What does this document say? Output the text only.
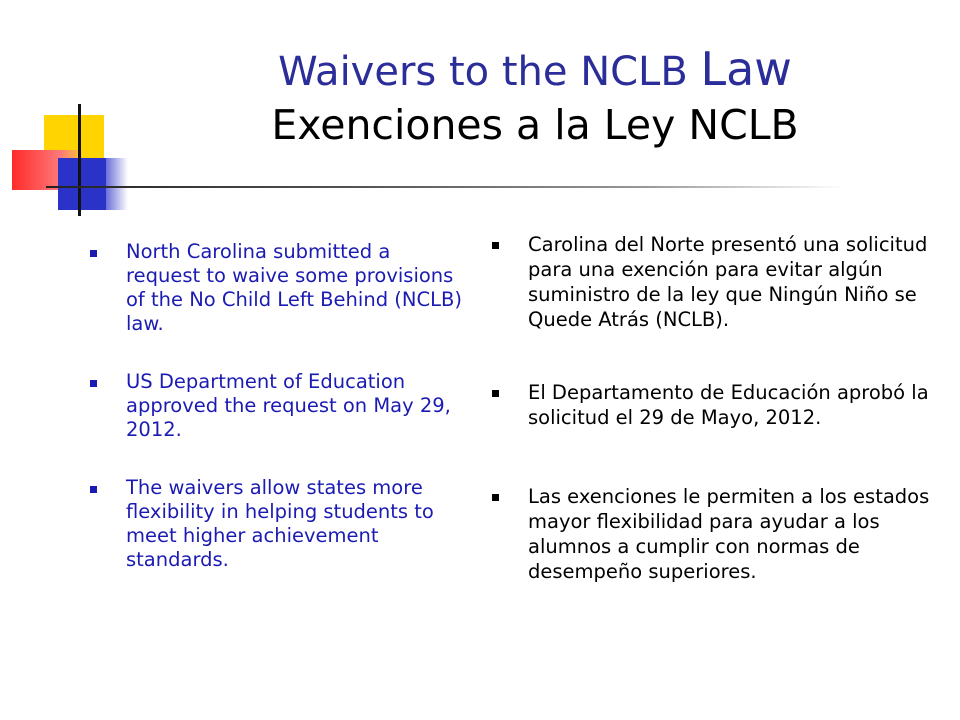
Waivers to the NCLB Law
Exenciones a la Ley NCLB
North Carolina submitted a request to waive some provisions of the No Child Left Behind (NCLB) law.
US Department of Education approved the request on May 29, 2012.
The waivers allow states more flexibility in helping students to meet higher achievement standards.
Carolina del Norte presentó una solicitud para una exención para evitar algún suministro de la ley que Ningún Niño se Quede Atrás (NCLB).
El Departamento de Educación aprobó la solicitud el 29 de Mayo, 2012.
Las exenciones le permiten a los estados mayor flexibilidad para ayudar a los alumnos a cumplir con normas de desempeño superiores.
